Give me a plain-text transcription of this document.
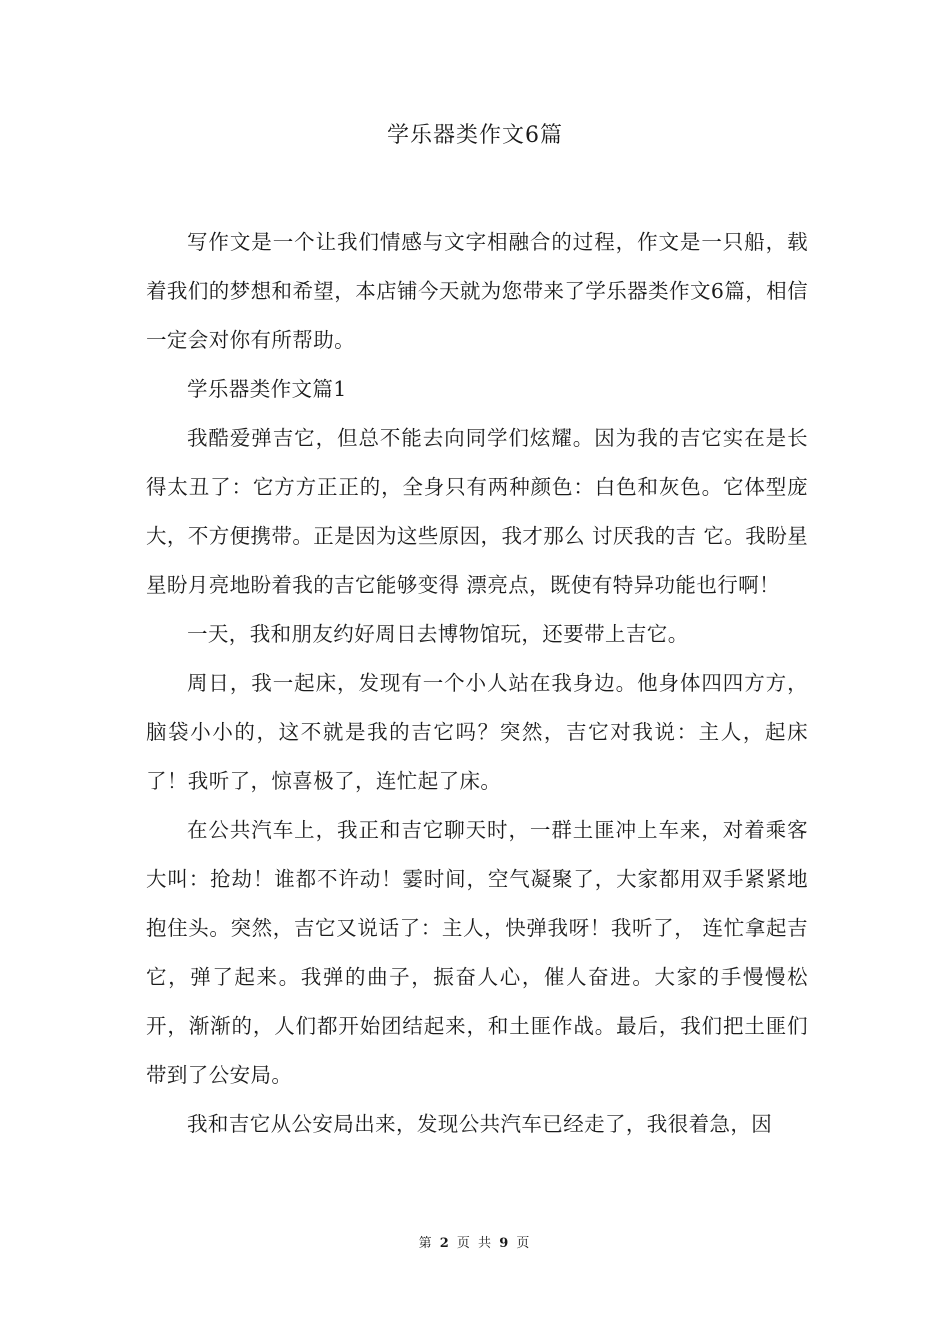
学乐器类作文6篇

写作文是一个让我们情感与文字相融合的过程，作文是一只船，载着我们的梦想和希望，本店铺今天就为您带来了学乐器类作文6篇，相信一定会对你有所帮助。

学乐器类作文篇1

我酷爱弹吉它，但总不能去向同学们炫耀。因为我的吉它实在是长得太丑了：它方方正正的，全身只有两种颜色：白色和灰色。它体型庞大，不方便携带。正是因为这些原因，我才那么 讨厌我的吉 它。我盼星星盼月亮地盼着我的吉它能够变得 漂亮点，既使有特异功能也行啊！

一天，我和朋友约好周日去博物馆玩，还要带上吉它。

周日，我一起床，发现有一个小人站在我身边。他身体四四方方，脑袋小小的，这不就是我的吉它吗？突然，吉它对我说：主人，起床了！我听了，惊喜极了，连忙起了床。

在公共汽车上，我正和吉它聊天时，一群土匪冲上车来，对着乘客大叫：抢劫！谁都不许动！霎时间，空气凝聚了，大家都用双手紧紧地抱住头。突然，吉它又说话了：主人，快弹我呀！我听了， 连忙拿起吉它，弹了起来。我弹的曲子，振奋人心，催人奋进。大家的手慢慢松开，渐渐的，人们都开始团结起来，和土匪作战。最后，我们把土匪们带到了公安局。

我和吉它从公安局出来，发现公共汽车已经走了，我很着急，因

第 2 页 共 9 页
